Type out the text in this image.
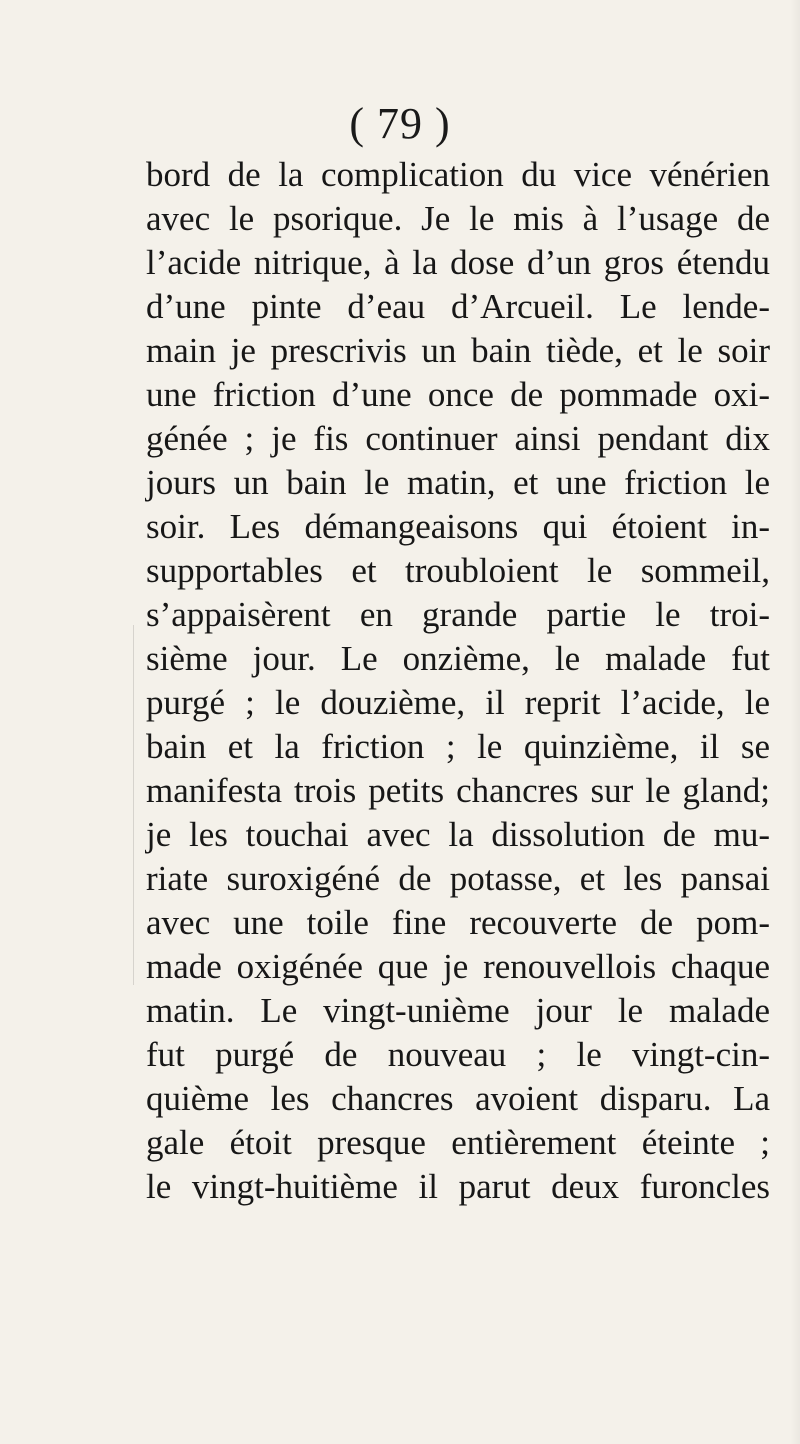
( 79 )
bord de la complication du vice vénérien
avec le psorique. Je le mis à l’usage de
l’acide nitrique, à la dose d’un gros étendu
d’une pinte d’eau d’Arcueil. Le lende-
main je prescrivis un bain tiède, et le soir
une friction d’une once de pommade oxi-
génée ; je fis continuer ainsi pendant dix
jours un bain le matin, et une friction le
soir. Les démangeaisons qui étoient in-
supportables et troubloient le sommeil,
s’appaisèrent en grande partie le troi-
sième jour. Le onzième, le malade fut
purgé ; le douzième, il reprit l’acide, le
bain et la friction ; le quinzième, il se
manifesta trois petits chancres sur le gland;
je les touchai avec la dissolution de mu-
riate suroxigéné de potasse, et les pansai
avec une toile fine recouverte de pom-
made oxigénée que je renouvellois chaque
matin. Le vingt-unième jour le malade
fut purgé de nouveau ; le vingt-cin-
quième les chancres avoient disparu. La
gale étoit presque entièrement éteinte ;
le vingt-huitième il parut deux furoncles
